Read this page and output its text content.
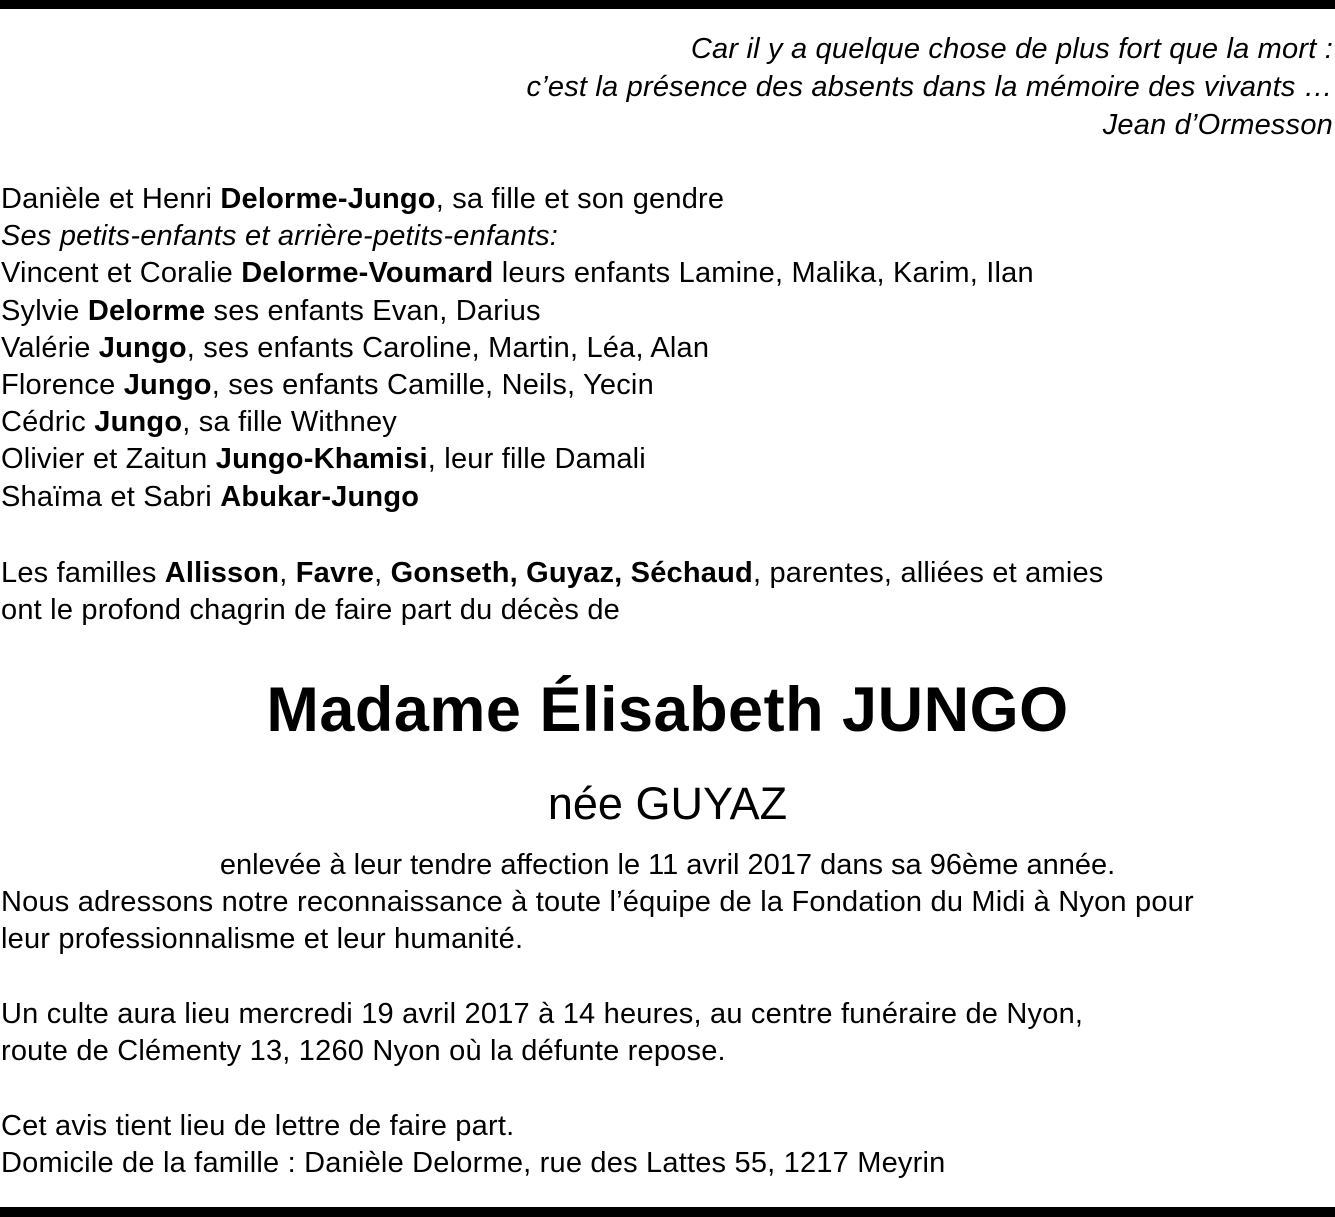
Car il y a quelque chose de plus fort que la mort :
c’est la présence des absents dans la mémoire des vivants …
Jean d’Ormesson
Danièle et Henri Delorme-Jungo, sa fille et son gendre
Ses petits-enfants et arrière-petits-enfants:
Vincent et Coralie Delorme-Voumard leurs enfants Lamine, Malika, Karim, Ilan
Sylvie Delorme ses enfants Evan, Darius
Valérie Jungo, ses enfants Caroline, Martin, Léa, Alan
Florence Jungo, ses enfants Camille, Neils, Yecin
Cédric Jungo, sa fille Withney
Olivier et Zaitun Jungo-Khamisi, leur fille Damali
Shaïma et Sabri Abukar-Jungo
Les familles Allisson, Favre, Gonseth, Guyaz, Séchaud, parentes, alliées et amies
ont le profond chagrin de faire part du décès de
Madame Élisabeth JUNGO
née GUYAZ
enlevée à leur tendre affection le 11 avril 2017 dans sa 96ème année.
Nous adressons notre reconnaissance à toute l’équipe de la Fondation du Midi à Nyon pour
leur professionnalisme et leur humanité.
Un culte aura lieu mercredi 19 avril 2017 à 14 heures, au centre funéraire de Nyon,
route de Clémenty 13, 1260 Nyon où la défunte repose.
Cet avis tient lieu de lettre de faire part.
Domicile de la famille : Danièle Delorme, rue des Lattes 55, 1217 Meyrin
